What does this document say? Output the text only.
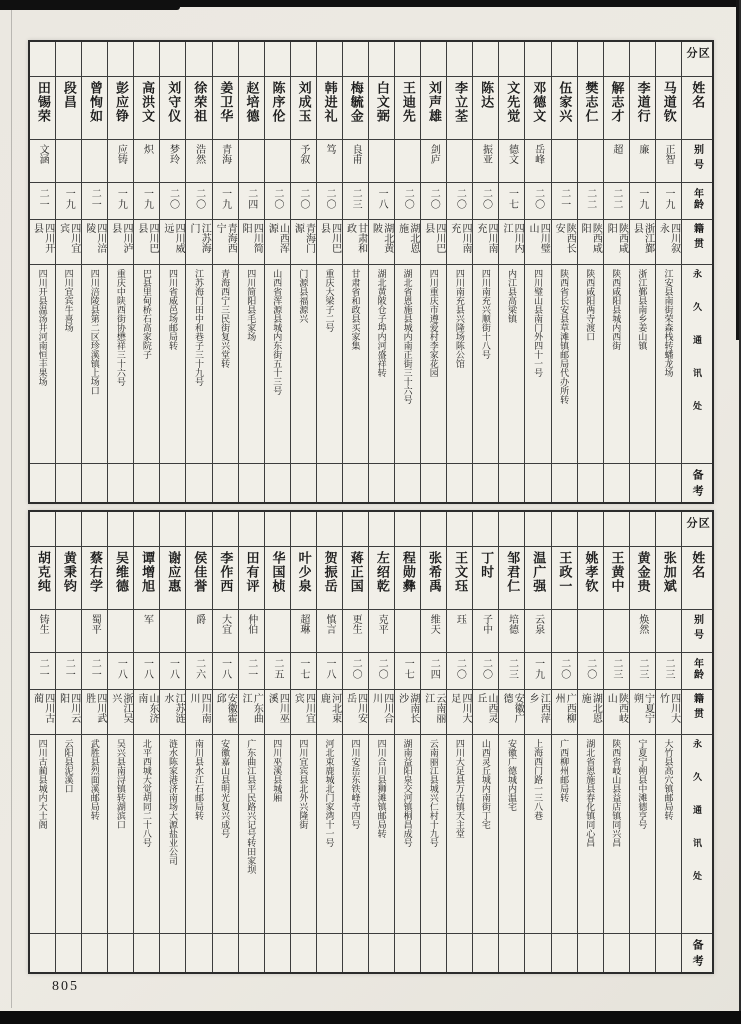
田锡荣
文涵
二一
四川开县
四川开县温汤井河南恒丰果场
段昌
一九
四川宜宾
四川宜宾牛喜场
曾恂如
二一
四川涪陵
四川涪陵县第二区珍溪镇上场口
彭应铮
应铸
一九
四川泸县
重庆中陕西街协懋祥三十六号
高洪文
炽
一九
四川巴县
巴县里甸桥石高家院子
刘守仪
梦玲
二〇
四川威远
四川省威邑场邮局转
徐荣祖
浩然
二〇
江苏海门
江苏海门田中和巷子三十九号
姜卫华
青海
一九
青海西宁
青海西宁三民街复兴堂转
赵培德
二四
四川简阳
四川简阳县毛家场
陈序伦
二〇
山西浑源
山西省浑源县城内东街五十三号
刘成玉
予叙
二〇
青海门源
门源县福源兴
韩进礼
笃
二〇
四川巴县
重庆大梁子二号
梅毓金
良甫
二三
甘肃和政
甘肃省和政县买家集
白文弼
一八
湖北黄陂
湖北黄陂仓子埠内河盛祥转
王迪先
二〇
湖北恩施
湖北省恩施县城内南正街三十六号
刘声雄
剑庐
二〇
四川巴县
四川重庆市遵爱村李家花园
李立荃
二〇
四川南充
四川南充县兴隆场陈公馆
陈达
振亚
二〇
四川南充
四川南充兴顺街十八号
文先觉
德文
一七
四川内江
内江县高梁镇
邓德文
岳峰
二〇
四川璧山
四川璧山县南门外四十一号
伍家兴
二一
陕西长安
陕西省长安县草滩镇邮局代办所转
樊志仁
二二
陕西咸阳
陕西咸阳两寺渡口
解志才
超
二二
陕西咸阳
陕西咸阳县城内西街
李道行
廉
一九
浙江鄞县
浙江鄞县南乡姜山镇
马道钦
正智
一九
四川叙永
江安县南街荣森栈转蟠龙场
区分
姓名
别号
年龄
籍贯
永久通讯处
备考
胡克纯
铸生
二一
四川古蔺
四川古蔺县城内大士阁
黄秉钧
二一
四川云阳
云阳县泥溪口
蔡右学
蜀平
二一
四川武胜
武胜县烈面溪邮局转
吴维德
一八
浙江吴兴
吴兴县南浔镇转湖滨口
谭增旭
军
一八
山东济南
北平西城大觉胡同二十八号
谢应惠
一八
江苏涟水
涟水陈家港济南场大源盐业公司
侯佳誉
爵
二六
四川南川
南川县水江石邮局转
李作西
大宜
一八
安徽霍邱
安徽嘉山县明光复兴成号
田有评
仲伯
二一
广东曲江
广东曲江县平民路兴记号转田家坝
华国桢
二五
四川巫溪
四川巫溪县城厢
叶少泉
超琳
一七
四川宜宾
四川宜宾县北外兴隆街
贺振岳
慎言
一八
河北束鹿
河北束鹿城北门家湾十一号
蒋正国
更生
二〇
四川安岳
四川安岳东铁峰寺四号
左绍乾
克平
二〇
四川合川
四川合川县狮滩镇邮局转
程勋彝
一七
湖南长沙
湖南益阳泉交河镇桐昌成号
张希禹
维天
二四
云南丽江
云南丽江县城兴仁村十九号
王文珏
珏
二〇
四川大足
四川大足县万古镇天主堂
丁时
子中
二〇
山西灵丘
山西灵丘城内南街丁宅
邹君仁
培德
二三
安徽广德
安徽广德城内温宅
温广强
云泉
一九
江西萍乡
上海西门路一三八巷
王政一
二〇
广西柳州
广西柳州邮局转
姚孝钦
二〇
湖北恩施
湖北省恩施县春化镇同心昌
王黄中
二三
陕西岐山
陕西省岐山县益店镇同兴昌
黄金贵
焕然
二三
宁夏宁朔
宁夏宁朔县中滩德亨号
张加斌
二三
四川大竹
大竹县高穴镇邮局转
区分
姓名
别号
年龄
籍贯
永久通讯处
备考
805
